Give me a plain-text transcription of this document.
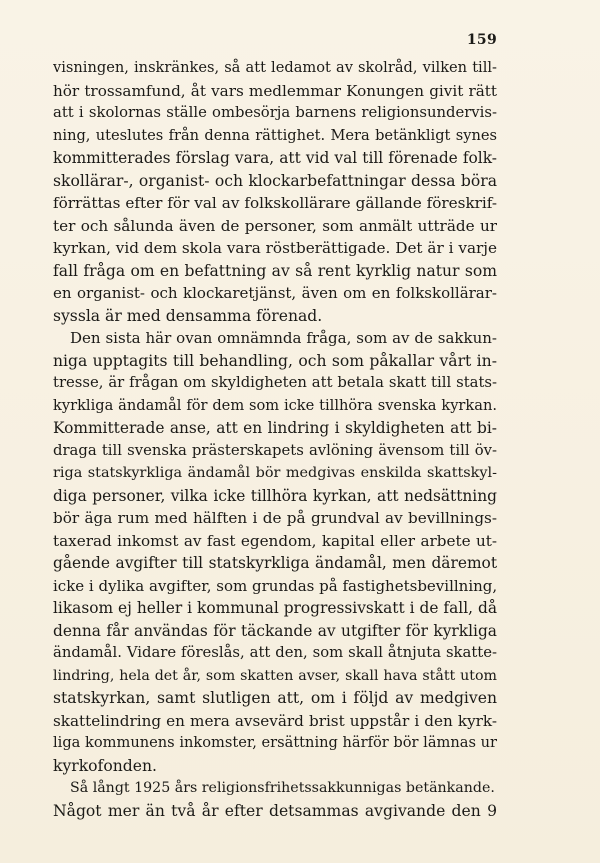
159
visningen, inskränkes, så att ledamot av skolråd, vilken till-
hör trossamfund, åt vars medlemmar Konungen givit rätt
att i skolornas ställe ombesörja barnens religionsundervis-
ning, uteslutes från denna rättighet. Mera betänkligt synes
kommitterades förslag vara, att vid val till förenade folk-
skollärar-, organist- och klockarbefattningar dessa böra
förrättas efter för val av folkskollärare gällande föreskrif-
ter och sålunda även de personer, som anmält utträde ur
kyrkan, vid dem skola vara röstberättigade. Det är i varje
fall fråga om en befattning av så rent kyrklig natur som
en organist- och klockaretjänst, även om en folkskollärar-
syssla är med densamma förenad.
Den sista här ovan omnämnda fråga, som av de sakkun-
niga upptagits till behandling, och som påkallar vårt in-
tresse, är frågan om skyldigheten att betala skatt till stats-
kyrkliga ändamål för dem som icke tillhöra svenska kyrkan.
Kommitterade anse, att en lindring i skyldigheten att bi-
draga till svenska prästerskapets avlöning ävensom till öv-
riga statskyrkliga ändamål bör medgivas enskilda skattskyl-
diga personer, vilka icke tillhöra kyrkan, att nedsättning
bör äga rum med hälften i de på grundval av bevillnings-
taxerad inkomst av fast egendom, kapital eller arbete ut-
gående avgifter till statskyrkliga ändamål, men däremot
icke i dylika avgifter, som grundas på fastighetsbevillning,
likasom ej heller i kommunal progressivskatt i de fall, då
denna får användas för täckande av utgifter för kyrkliga
ändamål. Vidare föreslås, att den, som skall åtnjuta skatte-
lindring, hela det år, som skatten avser, skall hava stått utom
statskyrkan, samt slutligen att, om i följd av medgiven
skattelindring en mera avsevärd brist uppstår i den kyrk-
liga kommunens inkomster, ersättning härför bör lämnas ur
kyrkofonden.
Så långt 1925 års religionsfrihetssakkunnigas betänkande.
Något mer än två år efter detsammas avgivande den 9
